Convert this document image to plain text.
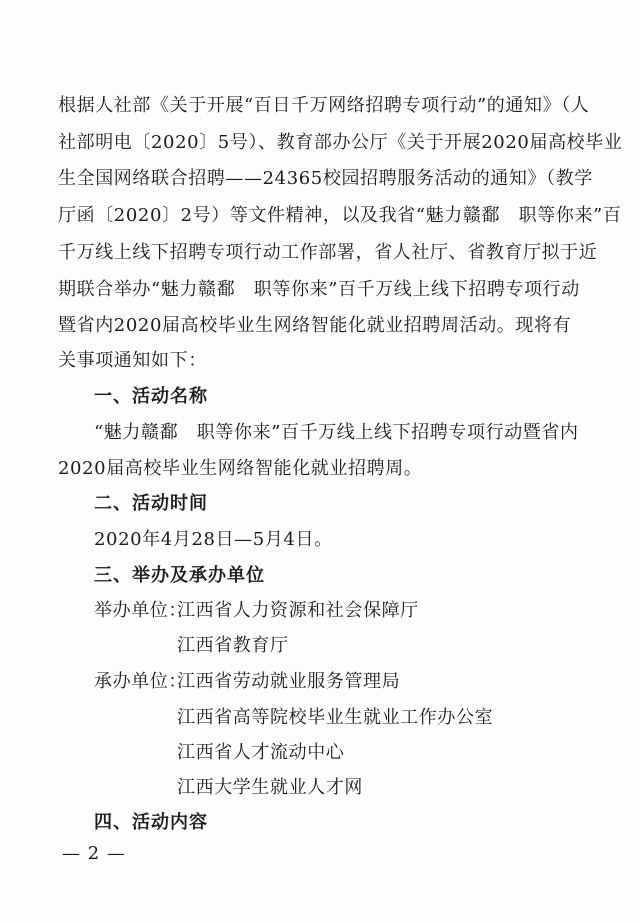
根据人社部《关于开展“百日千万网络招聘专项行动”的通知》（人
社部明电〔2020〕5号）、教育部办公厅《关于开展2020届高校毕业
生全国网络联合招聘——24365校园招聘服务活动的通知》（教学
厅函〔2020〕2号）等文件精神，以及我省“魅力赣鄱　职等你来”百
千万线上线下招聘专项行动工作部署，省人社厅、省教育厅拟于近
期联合举办“魅力赣鄱　职等你来”百千万线上线下招聘专项行动
暨省内2020届高校毕业生网络智能化就业招聘周活动。现将有
关事项通知如下：
一、活动名称
“魅力赣鄱　职等你来”百千万线上线下招聘专项行动暨省内
2020届高校毕业生网络智能化就业招聘周。
二、活动时间
2020年4月28日—5月4日。
三、举办及承办单位
举办单位：
江西省人力资源和社会保障厅
江西省教育厅
承办单位：
江西省劳动就业服务管理局
江西省高等院校毕业生就业工作办公室
江西省人才流动中心
江西大学生就业人才网
四、活动内容
— 2 —
